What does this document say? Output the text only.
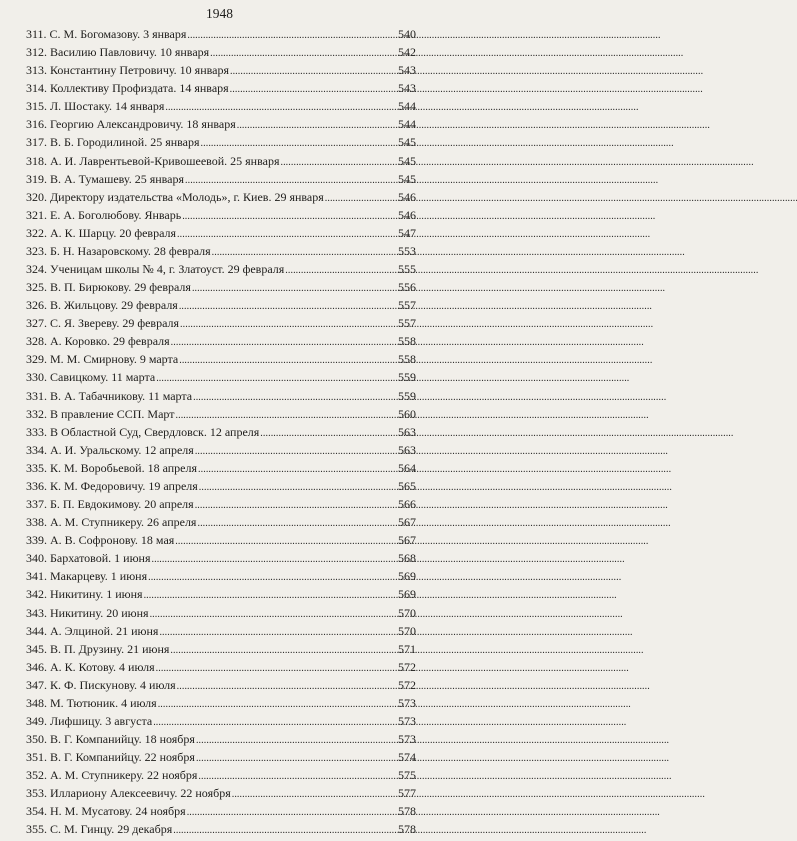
1948
311. С. М. Богомазову. 3 января . . .	540
312. Василию Павловичу. 10 января . . .	542
313. Константину Петровичу. 10 января . . .	543
314. Коллективу Профиздата. 14 января . . .	543
315. Л. Шостаку. 14 января . . .	544
316. Георгию Александровичу. 18 января . . .	544
317. В. Б. Городилиной. 25 января . . .	545
318. А. И. Лаврентьевой-Кривошеевой. 25 января . . .	545
319. В. А. Тумашеву. 25 января . . .	545
320. Директору издательства «Молодь», г. Киев. 29 января . . .	546
321. Е. А. Боголюбову. Январь . . .	546
322. А. К. Шарцу. 20 февраля . . .	547
323. Б. Н. Назаровскому. 28 февраля . . .	553
324. Ученицам школы № 4, г. Златоуст. 29 февраля . . .	555
325. В. П. Бирюкову. 29 февраля . . .	556
326. В. Жильцову. 29 февраля . . .	557
327. С. Я. Звереву. 29 февраля . . .	557
328. А. Коровко. 29 февраля . . .	558
329. М. М. Смирнову. 9 марта . . .	558
330. Савицкому. 11 марта . . .	559
331. В. А. Табачникову. 11 марта . . .	559
332. В правление ССП. Март . . .	560
333. В Областной Суд, Свердловск. 12 апреля . . .	563
334. А. И. Уральскому. 12 апреля . . .	563
335. К. М. Воробьевой. 18 апреля . . .	564
336. К. М. Федоровичу. 19 апреля . . .	565
337. Б. П. Евдокимову. 20 апреля . . .	566
338. А. М. Ступникеру. 26 апреля . . .	567
339. А. В. Софронову. 18 мая . . .	567
340. Бархатовой. 1 июня . . .	568
341. Макарцеву. 1 июня . . .	569
342. Никитину. 1 июня . . .	569
343. Никитину. 20 июня . . .	570
344. А. Элциной. 21 июня . . .	570
345. В. П. Друзину. 21 июня . . .	571
346. А. К. Котову. 4 июля . . .	572
347. К. Ф. Пискунову. 4 июля . . .	572
348. М. Тютюник. 4 июля . . .	573
349. Лифшицу. 3 августа . . .	573
350. В. Г. Компанийцу. 18 ноября . . .	573
351. В. Г. Компанийцу. 22 ноября . . .	574
352. А. М. Ступникеру. 22 ноября . . .	575
353. Иллариону Алексеевичу. 22 ноября . . .	577
354. Н. М. Мусатову. 24 ноября . . .	578
355. С. М. Гинцу. 29 декабря . . .	578
